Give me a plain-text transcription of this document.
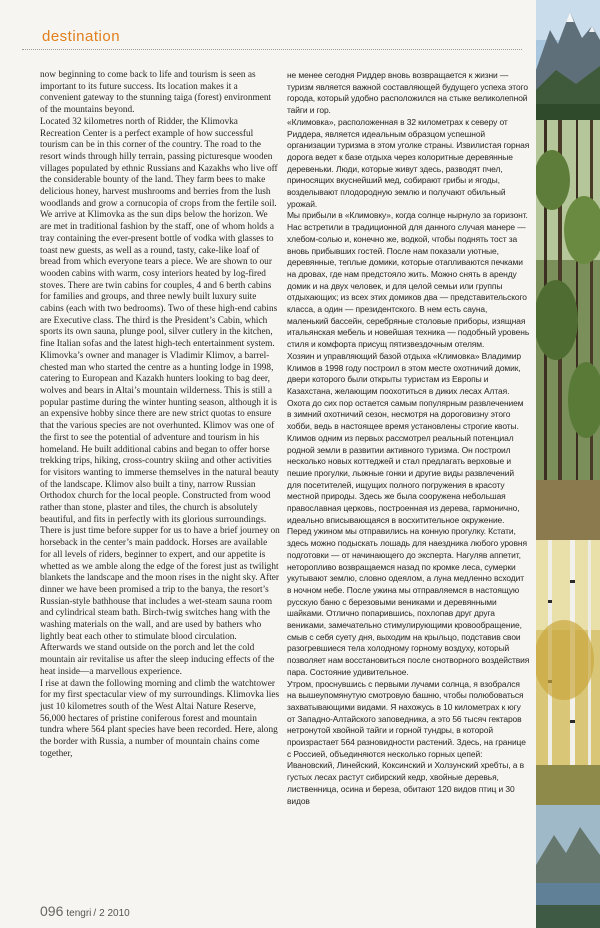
destination

now beginning to come back to life and tourism is seen as important to its future success. Its location makes it a convenient gateway to the stunning taiga (forest) environment of the mountains beyond.

Located 32 kilometres north of Ridder, the Klimovka Recreation Center is a perfect example of how successful tourism can be in this corner of the country. The road to the resort winds through hilly terrain, passing picturesque wooden villages populated by ethnic Russians and Kazakhs who live off the considerable bounty of the land. They farm bees to make delicious honey, harvest mushrooms and berries from the lush woodlands and grow a cornucopia of crops from the fertile soil.

We arrive at Klimovka as the sun dips below the horizon. We are met in traditional fashion by the staff, one of whom holds a tray containing the ever-present bottle of vodka with glasses to toast new guests, as well as a round, tasty, cake-like loaf of bread from which everyone tears a piece. We are shown to our wooden cabins with warm, cosy interiors heated by log-fired stoves. There are twin cabins for couples, 4 and 6 berth cabins for families and groups, and three newly built luxury suite cabins (each with two bedrooms). Two of these high-end cabins are Executive class. The third is the President’s Cabin, which sports its own sauna, plunge pool, silver cutlery in the kitchen, fine Italian sofas and the latest high-tech entertainment system. Klimovka’s owner and manager is Vladimir Klimov, a barrel-chested man who started the centre as a hunting lodge in 1998, catering to European and Kazakh hunters looking to bag deer, wolves and bears in Altai’s mountain wilderness. This is still a popular pastime during the winter hunting season, although it is an expensive hobby since there are new strict quotas to ensure that the various species are not overhunted. Klimov was one of the first to see the potential of adventure and tourism in his homeland. He built additional cabins and began to offer horse trekking trips, hiking, cross-country skiing and other activities for visitors wanting to immerse themselves in the natural beauty of the landscape. Klimov also built a tiny, narrow Russian Orthodox church for the local people. Constructed from wood rather than stone, plaster and tiles, the church is absolutely beautiful, and fits in perfectly with its glorious surroundings.

There is just time before supper for us to have a brief journey on horseback in the center’s main paddock. Horses are available for all levels of riders, beginner to expert, and our appetite is whetted as we amble along the edge of the forest just as twilight blankets the landscape and the moon rises in the night sky. After dinner we have been promised a trip to the banya, the resort’s Russian-style bathhouse that includes a wet-steam sauna room and cylindrical steam bath. Birch-twig switches hang with the washing materials on the wall, and are used by bathers who lightly beat each other to stimulate blood circulation. Afterwards we stand outside on the porch and let the cold mountain air revitalise us after the sleep inducing effects of the heat inside—a marvellous experience.

I rise at dawn the following morning and climb the watchtower for my first spectacular view of my surroundings. Klimovka lies just 10 kilometres south of the West Altai Nature Reserve, 56,000 hectares of pristine coniferous forest and mountain tundra where 564 plant species have been recorded. Here, along the border with Russia, a number of mountain chains come together,

не менее сегодня Риддер вновь возвращается к жизни — туризм является важной составляющей будущего успеха этого города, который удобно расположился на стыке великолепной тайги и гор.

«Климовка», расположенная в 32 километрах к северу от Риддера, является идеальным образцом успешной организации туризма в этом уголке страны. Извилистая горная дорога ведет к базе отдыха через колоритные деревянные деревеньки. Люди, которые живут здесь, разводят пчел, приносящих вкуснейший мед, собирают грибы и ягоды, возделывают плодородную землю и получают обильный урожай.

Мы прибыли в «Климовку», когда солнце нырнуло за горизонт. Нас встретили в традиционной для данного случая манере — хлебом-солью и, конечно же, водкой, чтобы поднять тост за вновь прибывших гостей. После нам показали уютные, деревянные, теплые домики, которые отапливаются печками на дровах, где нам предстояло жить. Можно снять в аренду домик и на двух человек, и для целой семьи или группы отдыхающих; из всех этих домиков два — представительского класса, а один — президентского. В нем есть сауна, маленький бассейн, серебряные столовые приборы, изящная итальянская мебель и новейшая техника — подобный уровень стиля и комфорта присущ пятизвездочным отелям.

Хозяин и управляющий базой отдыха «Климовка» Владимир Климов в 1998 году построил в этом месте охотничий домик, двери которого были открыты туристам из Европы и Казахстана, желающим поохотиться в диких лесах Алтая. Охота до сих пор остается самым популярным развлечением в зимний охотничий сезон, несмотря на дороговизну этого хобби, ведь в настоящее время установлены строгие квоты. Климов одним из первых рассмотрел реальный потенциал родной земли в развитии активного туризма. Он построил несколько новых коттеджей и стал предлагать верховые и пешие прогулки, лыжные гонки и другие виды развлечений для посетителей, ищущих полного погружения в красоту местной природы. Здесь же была сооружена небольшая православная церковь, построенная из дерева, гармонично, идеально вписывающаяся в восхитительное окружение.

Перед ужином мы отправились на конную прогулку. Кстати, здесь можно подыскать лошадь для наездника любого уровня подготовки — от начинающего до эксперта. Нагуляв аппетит, неторопливо возвращаемся назад по кромке леса, сумерки укутывают землю, словно одеялом, а луна медленно всходит в ночном небе. После ужина мы отправляемся в настоящую русскую баню с березовыми вениками и деревянными шайками. Отлично попарившись, похлопав друг друга вениками, замечательно стимулирующими кровообращение, смыв с себя суету дня, выходим на крыльцо, подставив свои разогревшиеся тела холодному горному воздуху, который позволяет нам восстановиться после снотворного воздействия пара. Состояние удивительное.

Утром, проснувшись с первыми лучами солнца, я взобрался на вышеупомянутую смотровую башню, чтобы полюбоваться захватывающими видами. Я нахожусь в 10 километрах к югу от Западно-Алтайского заповедника, а это 56 тысяч гектаров нетронутой хвойной тайги и горной тундры, в которой произрастает 564 разновидности растений. Здесь, на границе с Россией, объединяются несколько горных цепей: Ивановский, Линейский, Коксинский и Холзунский хребты, а в густых лесах растут сибирский кедр, хвойные деревья, лиственница, осина и береза, обитают 120 видов птиц и 30 видов

096 tengri / 2 2010
